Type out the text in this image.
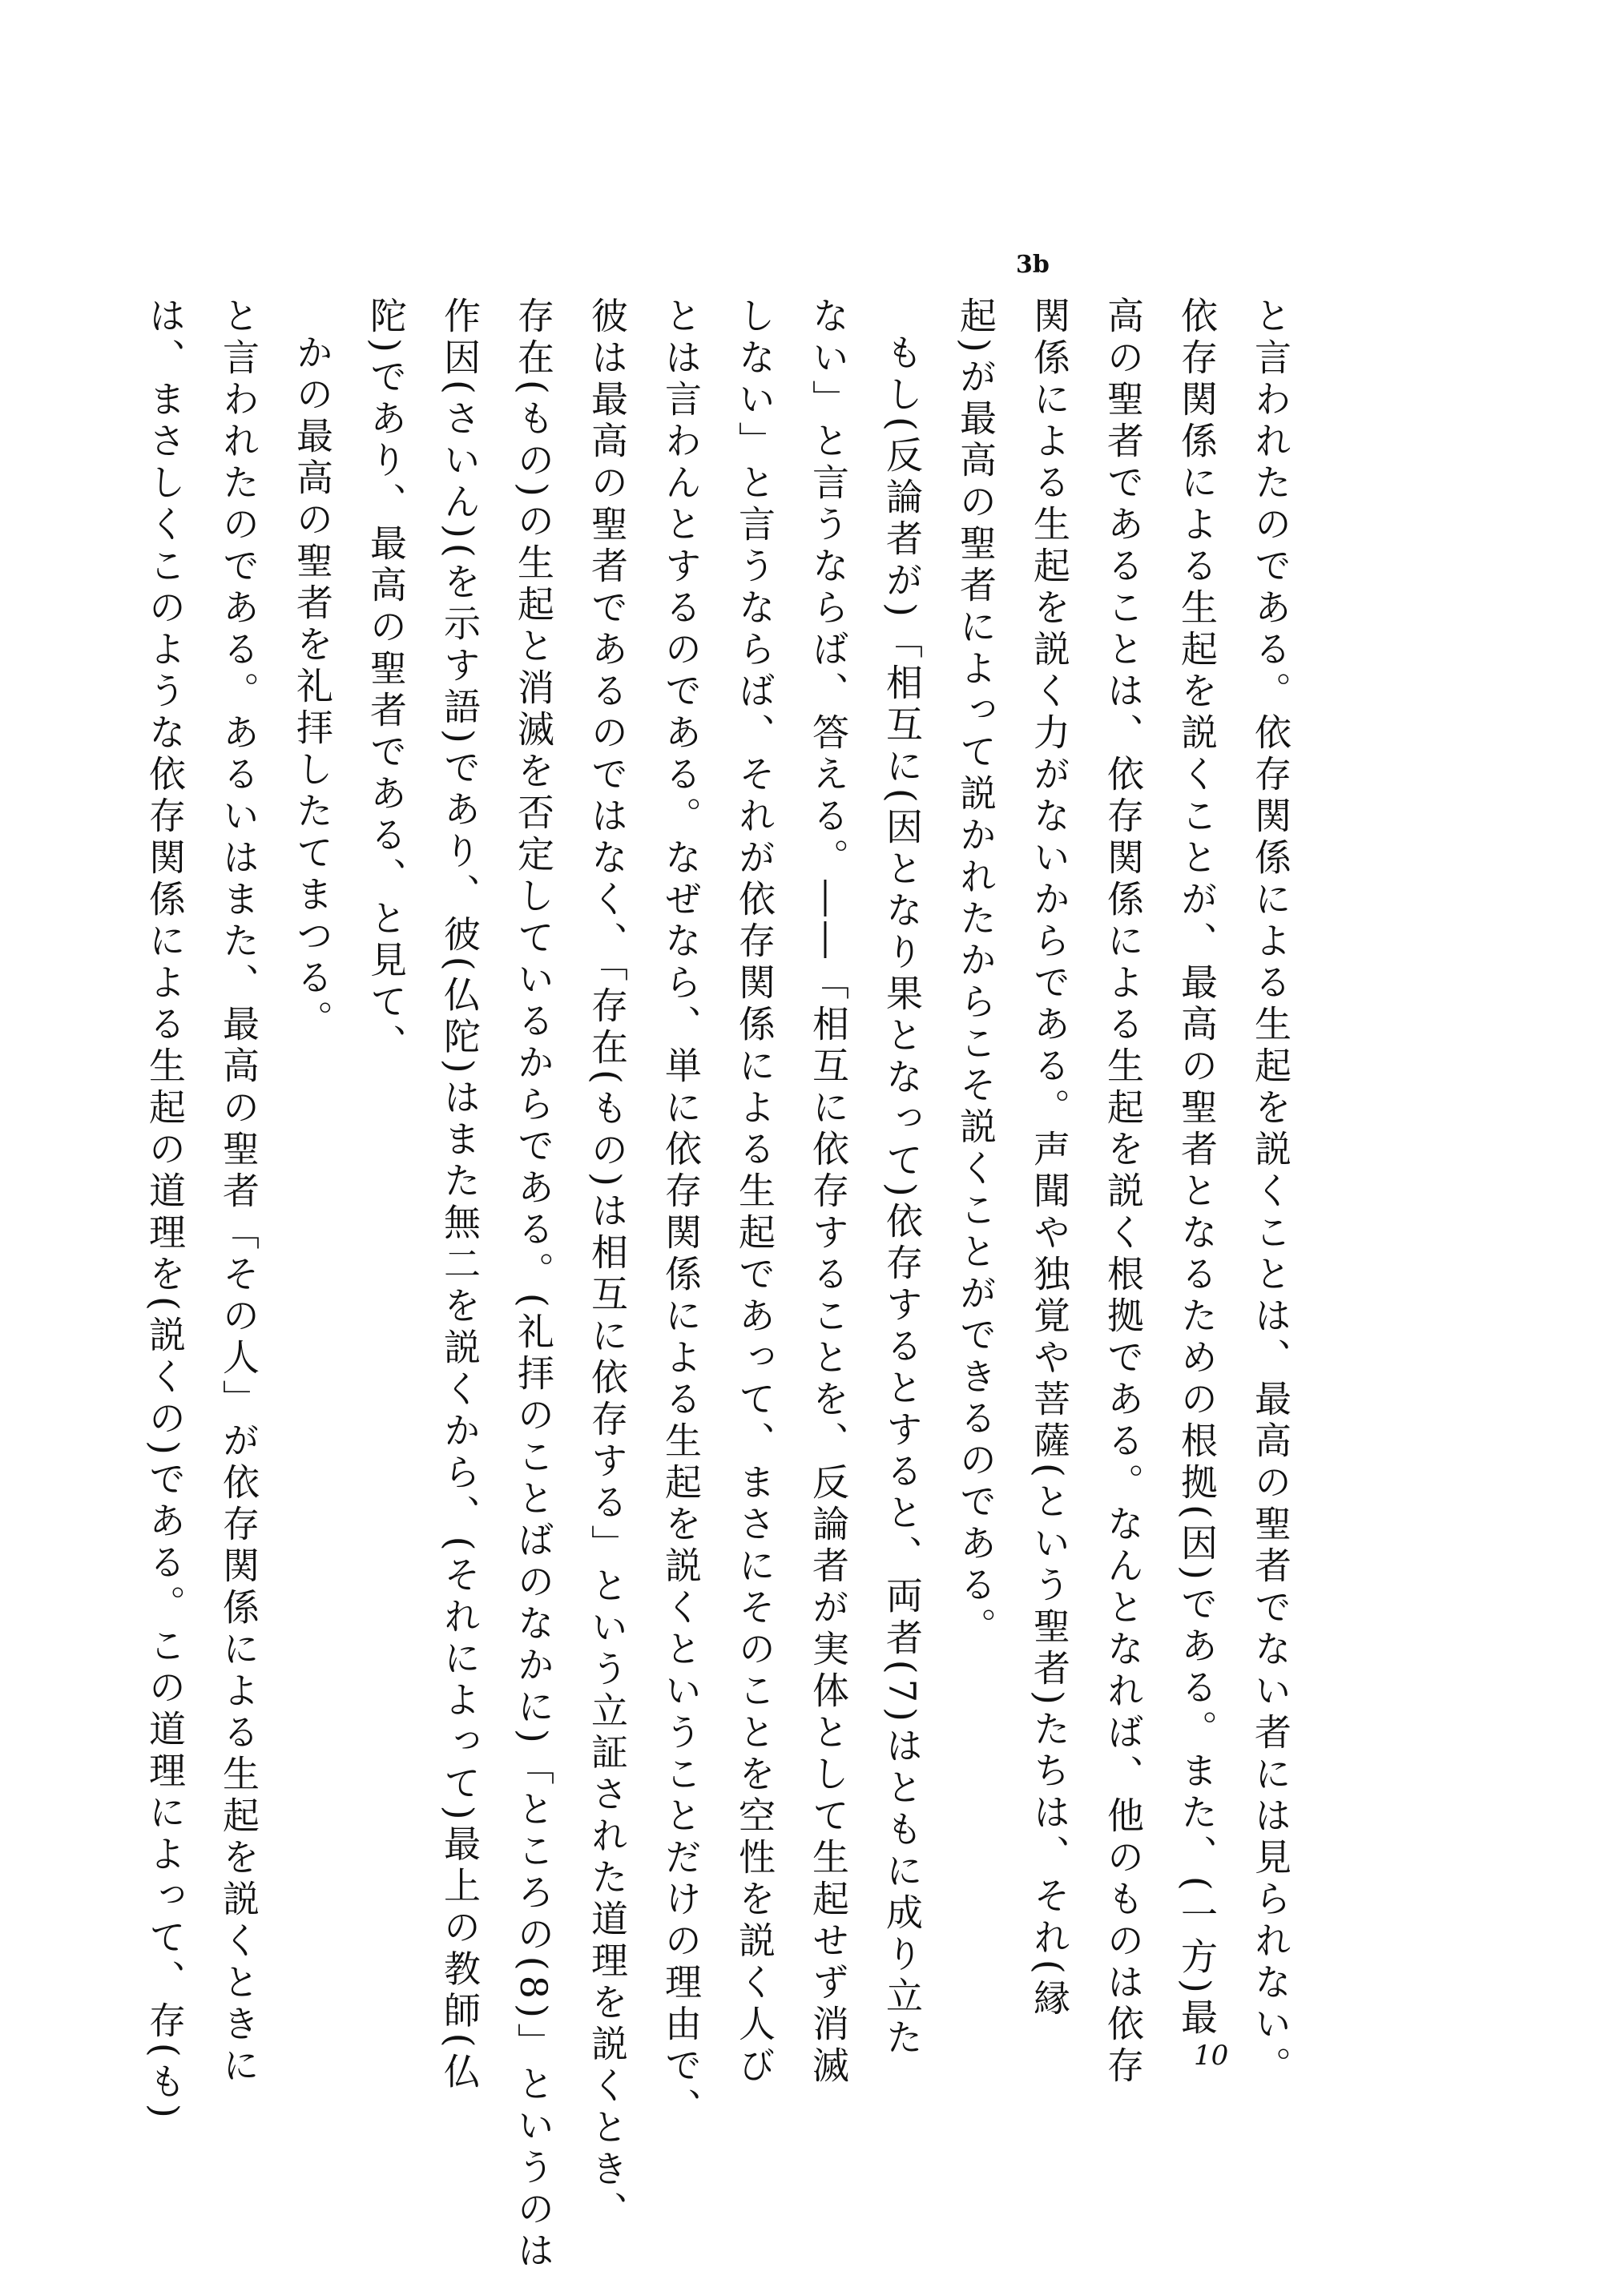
3b
と言われたのである。依存関係による生起を説くことは、最高の聖者でない者には見られない。
依存関係による生起を説くことが、最高の聖者となるための根拠(因)である。また、(一方)最
高の聖者であることは、依存関係による生起を説く根拠である。なんとなれば、他のものは依存
関係による生起を説く力がないからである。声聞や独覚や菩薩(という聖者)たちは、それ(縁
起)が最高の聖者によって説かれたからこそ説くことができるのである。
もし(反論者が)「相互に(因となり果となって)依存するとすると、両者(7)はともに成り立た
ない」と言うならば、答える。――「相互に依存することを、反論者が実体として生起せず消滅
しない」と言うならば、それが依存関係による生起であって、まさにそのことを空性を説く人び
とは言わんとするのである。なぜなら、単に依存関係による生起を説くということだけの理由で、
彼は最高の聖者であるのではなく、「存在(もの)は相互に依存する」という立証された道理を説くとき、
存在(もの)の生起と消滅を否定しているからである。(礼拝のことばのなかに)「ところの(8)」というのは
作因(さいん)(を示す語)であり、彼(仏陀)はまた無二を説くから、(それによって)最上の教師(仏
陀)であり、最高の聖者である、と見て、
かの最高の聖者を礼拝したてまつる。
と言われたのである。あるいはまた、最高の聖者「その人」が依存関係による生起を説くときに
は、まさしくこのような依存関係による生起の道理を(説くの)である。この道理によって、存(も)	10
